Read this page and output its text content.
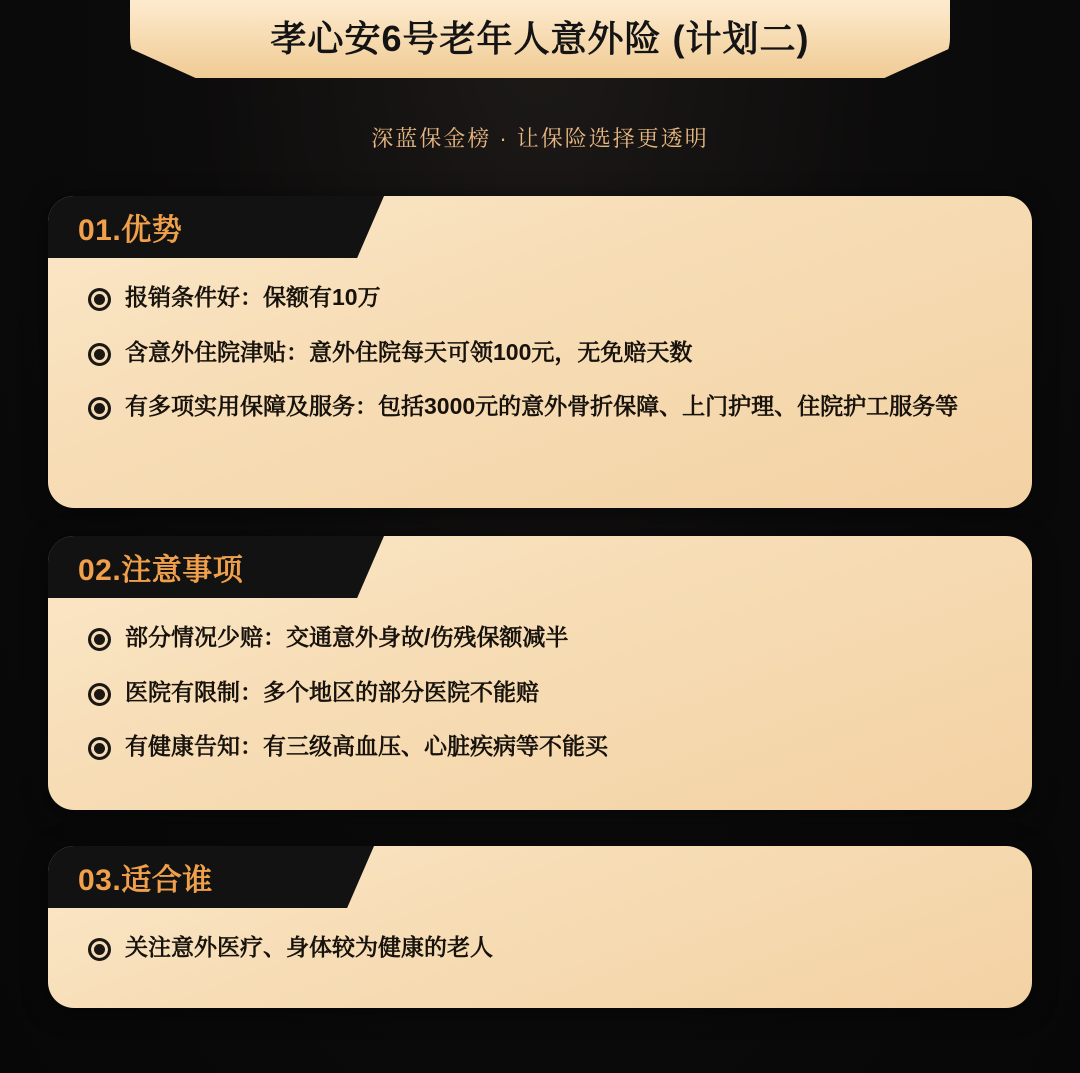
孝心安6号老年人意外险 (计划二)
深蓝保金榜 · 让保险选择更透明
01.优势
报销条件好：保额有10万
含意外住院津贴：意外住院每天可领100元，无免赔天数
有多项实用保障及服务：包括3000元的意外骨折保障、上门护理、住院护工服务等
02.注意事项
部分情况少赔：交通意外身故/伤残保额减半
医院有限制：多个地区的部分医院不能赔
有健康告知：有三级高血压、心脏疾病等不能买
03.适合谁
关注意外医疗、身体较为健康的老人
